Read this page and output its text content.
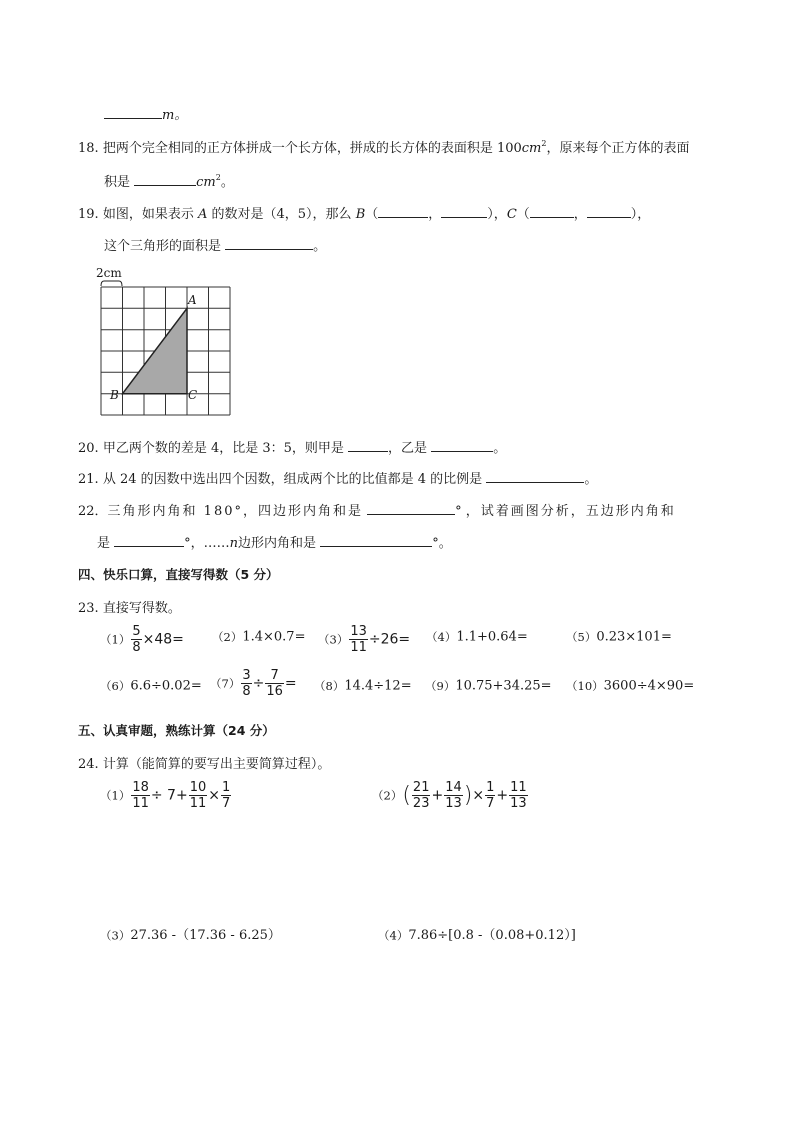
m。
18. 把两个完全相同的正方体拼成一个长方体，拼成的长方体的表面积是 $100cm^2$，原来每个正方体的表面
积是	$cm^2$。
19. 如图，如果表示 A 的数对是（4，5），那么 B（	，	），C（	，	），
这个三角形的面积是	。
2cm
A
B	C
20. 甲乙两个数的差是 4，比是 3：5，则甲是	，乙是	。
21. 从 24 的因数中选出四个因数，组成两个比的比值都是 4 的比例是	。
22．三角形内角和 180°，四边形内角和是	° ，试着画图分析，五边形内角和
是	°，……n边形内角和是	°。
四、快乐口算，直接写得数（5 分）
23. 直接写得数。
$(1) \frac{5}{8} \times 48= (2)1.4\times 0.7= (3) \frac{13}{11} \div 26= (4)1.1+0.64=$	（5）0.23×101=
$(6)6.6\div 0.02= (7) \frac{3}{8} \div \frac{7}{16} = (8)14.4\div 12= (9)10.75+34.25= (10)3600\div 4\times 90=$
五、认真审题，熟练计算（24 分）
24. 计算（能简算的要写出主要简算过程）。
$(1) \frac{18}{11} \div 7+ \frac{10}{11} \times \frac{1}{7}$	$(2)( \frac{21}{23} + \frac{14}{13}$ )× $\frac{1}{7} + \frac{11}{13}$
（3）27.36 -（17.36 - 6.25）	（4）7.86÷[0.8 -（0.08+0.12）]
